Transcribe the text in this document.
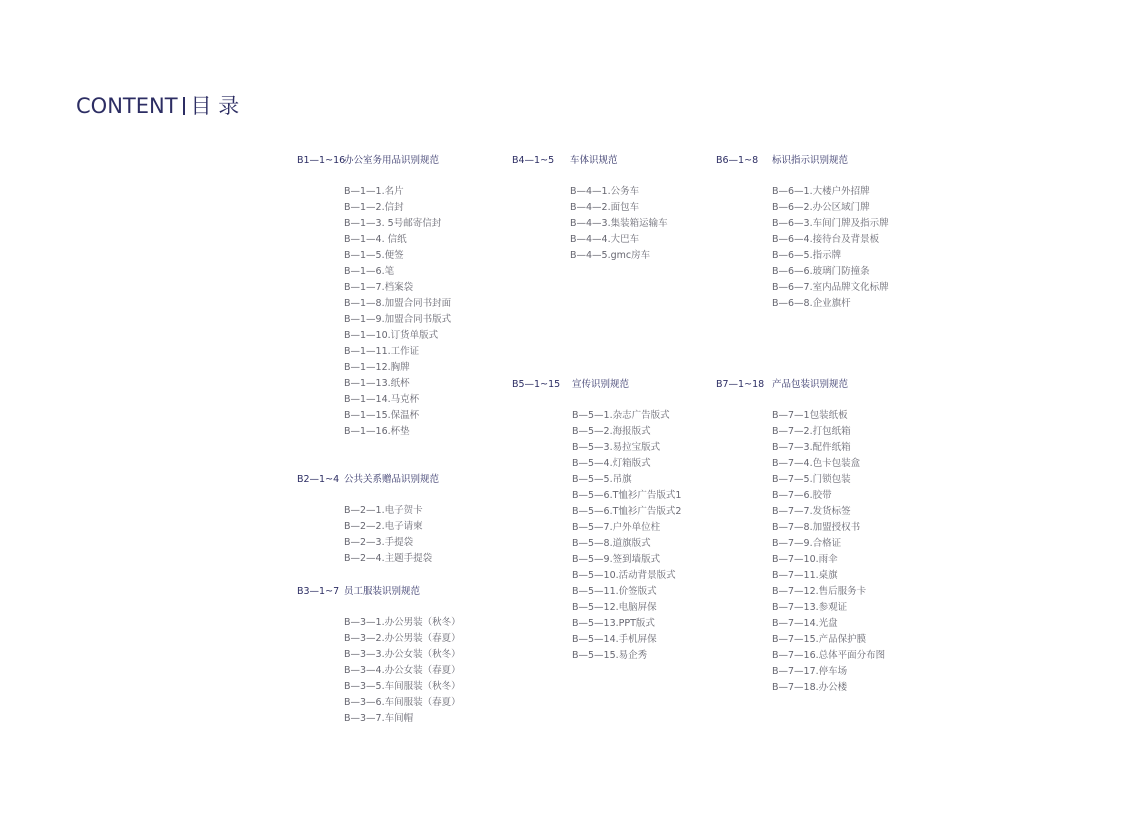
CONTENT 目 录
B1—1~16
办公室务用品识别规范
B—1—1.名片
B—1—2.信封
B—1—3. 5号邮寄信封
B—1—4. 信纸
B—1—5.便签
B—1—6.笔
B—1—7.档案袋
B—1—8.加盟合同书封面
B—1—9.加盟合同书版式
B—1—10.订货单版式
B—1—11.工作证
B—1—12.胸牌
B—1—13.纸杯
B—1—14.马克杯
B—1—15.保温杯
B—1—16.杯垫
B2—1~4 公共关系赠品识别规范
B—2—1.电子贺卡
B—2—2.电子请柬
B—2—3.手提袋
B—2—4.主题手提袋
B3—1~7 员工服装识别规范
B—3—1.办公男装（秋冬）
B—3—2.办公男装（春夏）
B—3—3.办公女装（秋冬）
B—3—4.办公女装（春夏）
B—3—5.车间服装（秋冬）
B—3—6.车间服装（春夏）
B—3—7.车间帽
B4—1~5 车体识规范
B—4—1.公务车
B—4—2.面包车
B—4—3.集装箱运输车
B—4—4.大巴车
B—4—5.gmc房车
B5—1~15 宣传识别规范
B—5—1.杂志广告版式
B—5—2.海报版式
B—5—3.易拉宝版式
B—5—4.灯箱版式
B—5—5.吊旗
B—5—6.T恤衫广告版式1
B—5—6.T恤衫广告版式2
B—5—7.户外单位柱
B—5—8.道旗版式
B—5—9.签到墙版式
B—5—10.活动背景版式
B—5—11.价签版式
B—5—12.电脑屏保
B—5—13.PPT版式
B—5—14.手机屏保
B—5—15.易企秀
B6—1~8 标识指示识别规范
B—6—1.大楼户外招牌
B—6—2.办公区域门牌
B—6—3.车间门牌及指示牌
B—6—4.接待台及背景板
B—6—5.指示牌
B—6—6.玻璃门防撞条
B—6—7.室内品牌文化标牌
B—6—8.企业旗杆
B7—1~18 产品包装识别规范
B—7—1包装纸板
B—7—2.打包纸箱
B—7—3.配件纸箱
B—7—4.色卡包装盒
B—7—5.门锁包装
B—7—6.胶带
B—7—7.发货标签
B—7—8.加盟授权书
B—7—9.合格证
B—7—10.雨伞
B—7—11.桌旗
B—7—12.售后服务卡
B—7—13.参观证
B—7—14.光盘
B—7—15.产品保护膜
B—7—16.总体平面分布图
B—7—17.停车场
B—7—18.办公楼
